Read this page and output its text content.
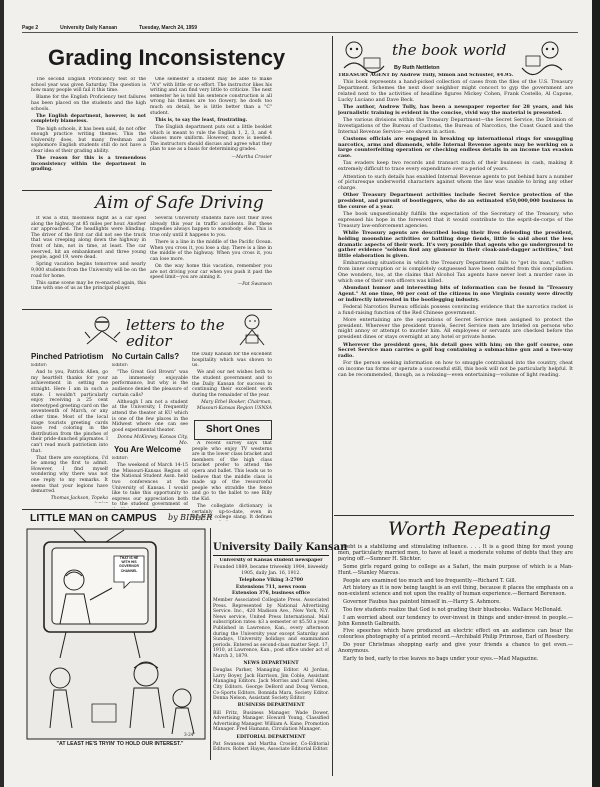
Page 2	University Daily Kansan	Tuesday, March 24, 1959
Grading Inconsistency

The second English Proficiency test of the school year was given Saturday. The question is how many people will fail it this time.

Blame for the English Proficiency test failures has been placed on the students and the high schools.

The English department, however, is not completely blameless.

The high schools, it has been said, do not offer enough practice writing themes. This the University does, but many freshman and sophomore English students still do not have a clear idea of their grading ability.

The reason for this is a tremendous inconsistency within the department in grading.

One semester a student may be able to make "A's" with little or no effort. The instructor likes his writing and can find very little to criticize. The next semester he is told his sentence construction is all wrong his themes are too flowery, he doofs too much on detail, he is little better than a "C" student.

This is, to say the least, frustrating.

The English department puts out a little booklet which is meant to rule the English 1, 2, 3, and 4 classes more uniform. However, more is needed. The instructors should discuss and agree what they plan to use as a basis for determining grades.

—Martha Crosier

Aim of Safe Driving

It was a still, moonless night as a car sped along the highway at 85 miles per hour. Another car approached. The headlights were blinding. The driver of the first car did not see the truck that was creeping along down the highway in front of him, not in time, at least. The car swerved, hit an embankment and three young people, aged 19, were dead.

Spring vacation begins tomorrow and nearly 9,000 students from the University will be on the road for home.

This same scene may be re-enacted again, this time with one of us as the principal player.

Several University students have lost their lives already this year in traffic accidents. But these tragedies always happen to somebody else. This is true only until it happens to you.

There is a line in the middle of the Pacific Ocean. When you cross it, you lose a day. There is a line in the middle of the highway. When you cross it, you can lose more.

On the way home this vacation, remember you are not driving your car when you push it past the speed limit—you are aiming it.

—Pat Swanson

letters to the editor
Pinched Patriotism

Editor:

And to you, Patrick Allen, go my heartfelt thanks for your achievement in setting me straight. Here I am in such a state. I wouldn't particularly enjoy receiving a 25 cent stereotyped greeting card on the seventeenth of March, or any other time. Most of the local stage tourists greeting cards have red coloring in the distribution from the pinches of their pride-dunched playmates. I can't read much patriotism into that.

That there are exceptions, I'd be among the first to admit. However, I find myself wondering why there was not one reply to my remarks. It seems that your legions have demurred.

Thomas Jackson, Topeka

No Curtain Calls?

Editor:

"The Great God Brown" was an immensely enjoyable performance, but why is the audience denied the pleasure of curtain calls?

Although I am not a student at the University, I frequently attend the theater at KU which is one of the few places in the Midwest where one can see good experimental theater.

Donna McKinney, Kansas City, Mo.

You Are Welcome

Editor:

The weekend of March 14-15 the Missouri-Kansas Region of the National Student Assn. held two conferences at the University of Kansas. I would like to take this opportunity to express our appreciation both to the student government of

the Daily Kansan for the excellent hospitality which was shown to us.

We and our net wishes both to the student government and to the Daily Kansan for success in continuing their excellent work during the remainder of the year.

Mary Ethel Booker, Chairman, Missouri-Kansas Region USNSA

Short Ones

A recent survey says that people who enjoy TV westerns are in the lower class bracket and members of the high class bracket prefer to attend the opera and ballet. This leads us to believe that the middle class is made up of the resourceful people who straddle the fence and go to the ballet to see Billy the Kid.

The collegiate dictionary is certainly up-to-date, even in usage of college slang. It defines

LITTLE MAN on CAMPUS by BIBLER
THAT IS HE WITH HIS GOVERNOR CHANNEL
"AT LEAST HE'S TRYIN' TO HOLD OUR INTEREST."
3-24
University Daily Kansan

University of Kansas student newspaper

Founded 1889, became triweekly 1904, biweekly 1905, daily Jan. 16, 1912.

Telephone Viking 3-2700

Extensions 711, news room

Extension 376, business office

Member Associated Collegiate Press. Associated Press. Represented by National Advertising Service. Inc., 420 Madison Ave., New York, N.Y. News service, United Press International. Mail subscription rates: $3 a semester or $5.50 a year. Published in Lawrence, Kan., every afternoon during the University year except Saturday and Sundays, University holidays and examination periods. Entered as second-class matter Sept. 17, 1910, at Lawrence, Kan., post office under act of March 3, 1879.

NEWS DEPARTMENT

Douglas Parker, Managing Editor. Al Jordan, Larry Boyer, Jack Harrison, Jim Coble, Assistant Managing Editors. Jack Morriss and Carol Allen, City Editors. George DeBord and Doug Vernon, Co-Sports Editors. Bonnida Mara, Society Editor. Donna Nelson, Assistant Society Editor.

BUSINESS DEPARTMENT

Bill Fritz, Business Manager. Wade Dower, Advertising Manager. Howard Young, Classified Advertising Manager. William A. Kane, Promotion Manager. Fred Hamann, Circulation Manager.

EDITORIAL DEPARTMENT

Pat Swanson and Martha Crosier, Co-Editorial Editors. Robert Hayes, Associate Editorial Editor.

the book world
By Ruth Nettleton

TREASURY AGENT by Andrew Tully, Simon and Schuster, $4.95.

This book represents a hand-picked collection of cases from the files of the U.S. Treasury Department. Schemes the next door neighbor might concoct to gyp the government are related next to the activities of headline figures Mickey Cohen, Frank Costello, Al Capone, Lucky Luciano and Dave Beck.

The author, Andrew Tully, has been a newspaper reporter for 28 years, and his journalistic training is evident in the concise, vivid way the material is presented.

The various divisions within the Treasury Department—the Secret Service, the Division of Investigations of the Bureau of Customs, the Bureau of Narcotics, the Coast Guard and the Internal Revenue Service—are shown in action.

Customs officials are engaged in breaking up international rings for smuggling narcotics, arms and diamonds, while Internal Revenue agents may be working on a large counterfeiting operation or checking endless details in an income tax evasion case.

Tax evaders keep two records and transact much of their business in cash, making it extremely difficult to trace every expenditure over a period of years.

Attention to such details has enabled Internal Revenue agents to put behind bars a number of picturesque underworld characters against whom the law was unable to bring any other charge.

Other Treasury Department activities include Secret Service protection of the president, and pursuit of bootleggers, who do an estimated $50,000,000 business in the course of a year.

The book unquestionably fulfills the expectation of the Secretary of the Treasury, who expressed his hope in the foreword that it would contribute to the esprit-de-corps of the Treasury law-enforcement agencies.

While Treasury agents are described losing their lives defending the president, holding moonshine activities or battling dope fiends, little is said about the less dramatic aspects of their work. It's very possible that agents who go underground to gather evidence "seldom find any glamour in their cloak-and-dagger activities," but little elaboration is given.

Embarrassing situations in which the Treasury Department fails to "get its man," suffers from inner corruption or is completely outguessed have been omitted from this compilation. One wonders, too, at the claims that Alcohol Tax agents have never lost a murder case in which one of their own officers was killed.

Abundant humor and interesting bits of information can be found in "Treasury Agent." At one time, 90 per cent of the citizens in one Virginia county were directly or indirectly interested in the bootlegging industry.

Federal Narcotics Bureau officials possess convincing evidence that the narcotics racket is a fund-raising function of the Red Chinese government.

More entertaining are the operations of Secret Service men assigned to protect the president. Wherever the president travels, Secret Service men are briefed on persons who might annoy or attempt to murder him. All employees or servants are checked before the president dines or stays overnight at any hotel or private home.

Wherever the president goes, his detail goes with him; on the golf course, one Secret Service man carries a golf bag containing a submachine gun and a two-way radio.

For the person seeking information on how to smuggle contraband into the country, cheat on income tax forms or operate a successful still, this book will not be particularly helpful. It can be recommended, though, as a relaxing—even entertaining—volume of light reading.

Worth Repeating

Debt is a stabilizing and stimulating influence. . . . It is a good thing for most young men, particularly married men, to have at least a moderate volume of debts that they are paying off.—Sumner H. Slichter.

Some girls regard going to college as a Safari, the main purpose of which is a Man-Hunt.—Stanley Marcus.

People are examined too much and too frequently.—Richard T. Gill.

Art history as it is now being taught is an evil thing, because it places the emphasis on a non-existent science and not upon the reality of human experience.—Bernard Berenson.

Governor Faubus has painted himself in.—Harry S. Ashmore.

Too few students realize that God is not grading their bluebooks. Wallace McDonald.

I am worried about our tendency to over-invest in things and under-invest in people.—John Kenneth Galbraith.

Five speeches which have produced an electric effect on an audience can bear the colourless photography of a printed record.—Archibald Philip Primrose, Earl of Rosebery.

Do your Christmas shopping early and give your friends a chance to get even.—Anonymous.

Early to bed, early to rise leaves no bags under your eyes.—Mad Magazine.
